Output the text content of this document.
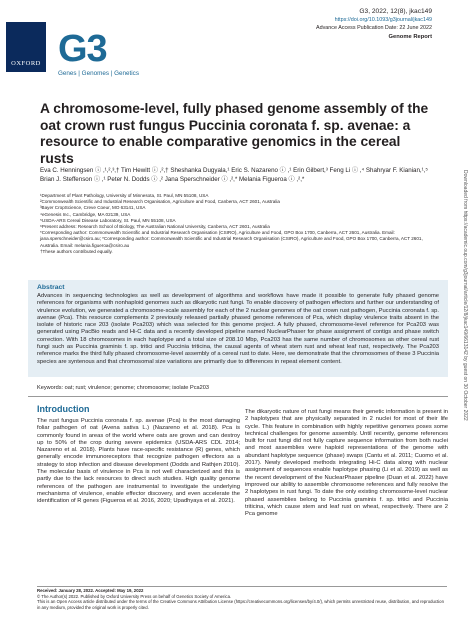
OXFORD G3
Genes | Genomes | Genetics
G3, 2022, 12(8), jkac149
https://doi.org/10.1093/g3journal/jkac149
Advance Access Publication Date: 22 June 2022
Genome Report
Downloaded from https://academic.oup.com/g3journal/article/12/8/jkac149/6613142 by guest on 30 October 2022
A chromosome-level, fully phased genome assembly of the oat crown rust fungus Puccinia coronata f. sp. avenae: a resource to enable comparative genomics in the cereal rusts
Eva C. Henningsen ⓘ ,¹,²,³,† Tim Hewitt ⓘ ,²,† Sheshanka Dugyala,¹ Eric S. Nazareno ⓘ ,¹ Erin Gilbert,³ Feng Li ⓘ ,⁴ Shahryar F. Kianian,¹,⁵ Brian J. Steffenson ⓘ ,¹ Peter N. Dodds ⓘ ,² Jana Sperschneider ⓘ ,²,* Melania Figueroa ⓘ ,²,*

¹Department of Plant Pathology, University of Minnesota, St. Paul, MN 55108, USA

²Commonwealth Scientific and Industrial Research Organisation, Agriculture and Food, Canberra, ACT 2601, Australia

³Bayer CropScience, Creve Coeur, MO 63141, USA

⁴eGenesis Inc., Cambridge, MA 02139, USA

⁵USDA-ARS Cereal Disease Laboratory, St. Paul, MN 55108, USA

⁶Present address: Research School of Biology, The Australian National University, Canberra, ACT 2601, Australia

*Corresponding author: Commonwealth Scientific and Industrial Research Organisation (CSIRO), Agriculture and Food, GPO Box 1700, Canberra, ACT 2601, Australia. Email: jana.sperschneider@csiro.au; *Corresponding author: Commonwealth Scientific and Industrial Research Organisation (CSIRO), Agriculture and Food, GPO Box 1700, Canberra, ACT 2601, Australia. Email: melania.figueroa@csiro.au

†These authors contributed equally.

Abstract

Advances in sequencing technologies as well as development of algorithms and workflows have made it possible to generate fully phased genome references for organisms with nonhaploid genomes such as dikaryotic rust fungi. To enable discovery of pathogen effectors and further our understanding of virulence evolution, we generated a chromosome-scale assembly for each of the 2 nuclear genomes of the oat crown rust pathogen, Puccinia coronata f. sp. avenae (Pca). This resource complements 2 previously released partially phased genome references of Pca, which display virulence traits absent in the isolate of historic race 203 (isolate Pca203) which was selected for this genome project. A fully phased, chromosome-level reference for Pca203 was generated using PacBio reads and Hi-C data and a recently developed pipeline named NuclearPhaser for phase assignment of contigs and phase switch correction. With 18 chromosomes in each haplotype and a total size of 208.10 Mbp, Pca203 has the same number of chromosomes as other cereal rust fungi such as Puccinia graminis f. sp. tritici and Puccinia triticina, the causal agents of wheat stem rust and wheat leaf rust, respectively. The Pca203 reference marks the third fully phased chromosome-level assembly of a cereal rust to date. Here, we demonstrate that the chromosomes of these 3 Puccinia species are syntenous and that chromosomal size variations are primarily due to differences in repeat element content.

Keywords: oat; rust; virulence; genome; chromosome; isolate Pca203
Introduction

The rust fungus Puccinia coronata f. sp. avenae (Pca) is the most damaging foliar pathogen of oat (Avena sativa L.) (Nazareno et al. 2018). Pca is commonly found in areas of the world where oats are grown and can destroy up to 50% of the crop during severe epidemics (USDA-ARS CDL 2014; Nazareno et al. 2018). Plants have race-specific resistance (R) genes, which generally encode immunoreceptors that recognize pathogen effectors as a strategy to stop infection and disease development (Dodds and Rathjen 2010). The molecular basis of virulence in Pca is not well characterized and this is partly due to the lack resources to direct such studies. High quality genome references of the pathogen are instrumental to investigate the underlying mechanisms of virulence, enable effector discovery, and even accelerate the identification of R genes (Figueroa et al. 2016, 2020; Upadhyaya et al. 2021).

The dikaryotic nature of rust fungi means their genetic information is present in 2 haplotypes that are physically separated in 2 nuclei for most of their life cycle. This feature in combination with highly repetitive genomes poses some technical challenges for genome assembly. Until recently, genome references built for rust fungi did not fully capture sequence information from both nuclei and most assemblies were haploid representations of the genome with abundant haplotype sequence (phase) swaps (Cantu et al. 2011; Cuomo et al. 2017). Newly developed methods integrating Hi-C data along with nuclear assignment of sequences enable haplotype phasing (Li et al. 2019) as well as the recent development of the NuclearPhaser pipeline (Duan et al. 2022) have improved our ability to assemble chromosome references and fully resolve the 2 haplotypes in rust fungi. To date the only existing chromosome-level nuclear phased assemblies belong to Puccinia graminis f. sp. tritici and Puccinia triticina, which cause stem and leaf rust on wheat, respectively. There are 2 Pca genome

Received: January 28, 2022. Accepted: May 19, 2022

© The Author(s) 2022. Published by Oxford University Press on behalf of Genetics Society of America.

This is an Open Access article distributed under the terms of the Creative Commons Attribution License (https://creativecommons.org/licenses/by/4.0/), which permits unrestricted reuse, distribution, and reproduction in any medium, provided the original work is properly cited.
